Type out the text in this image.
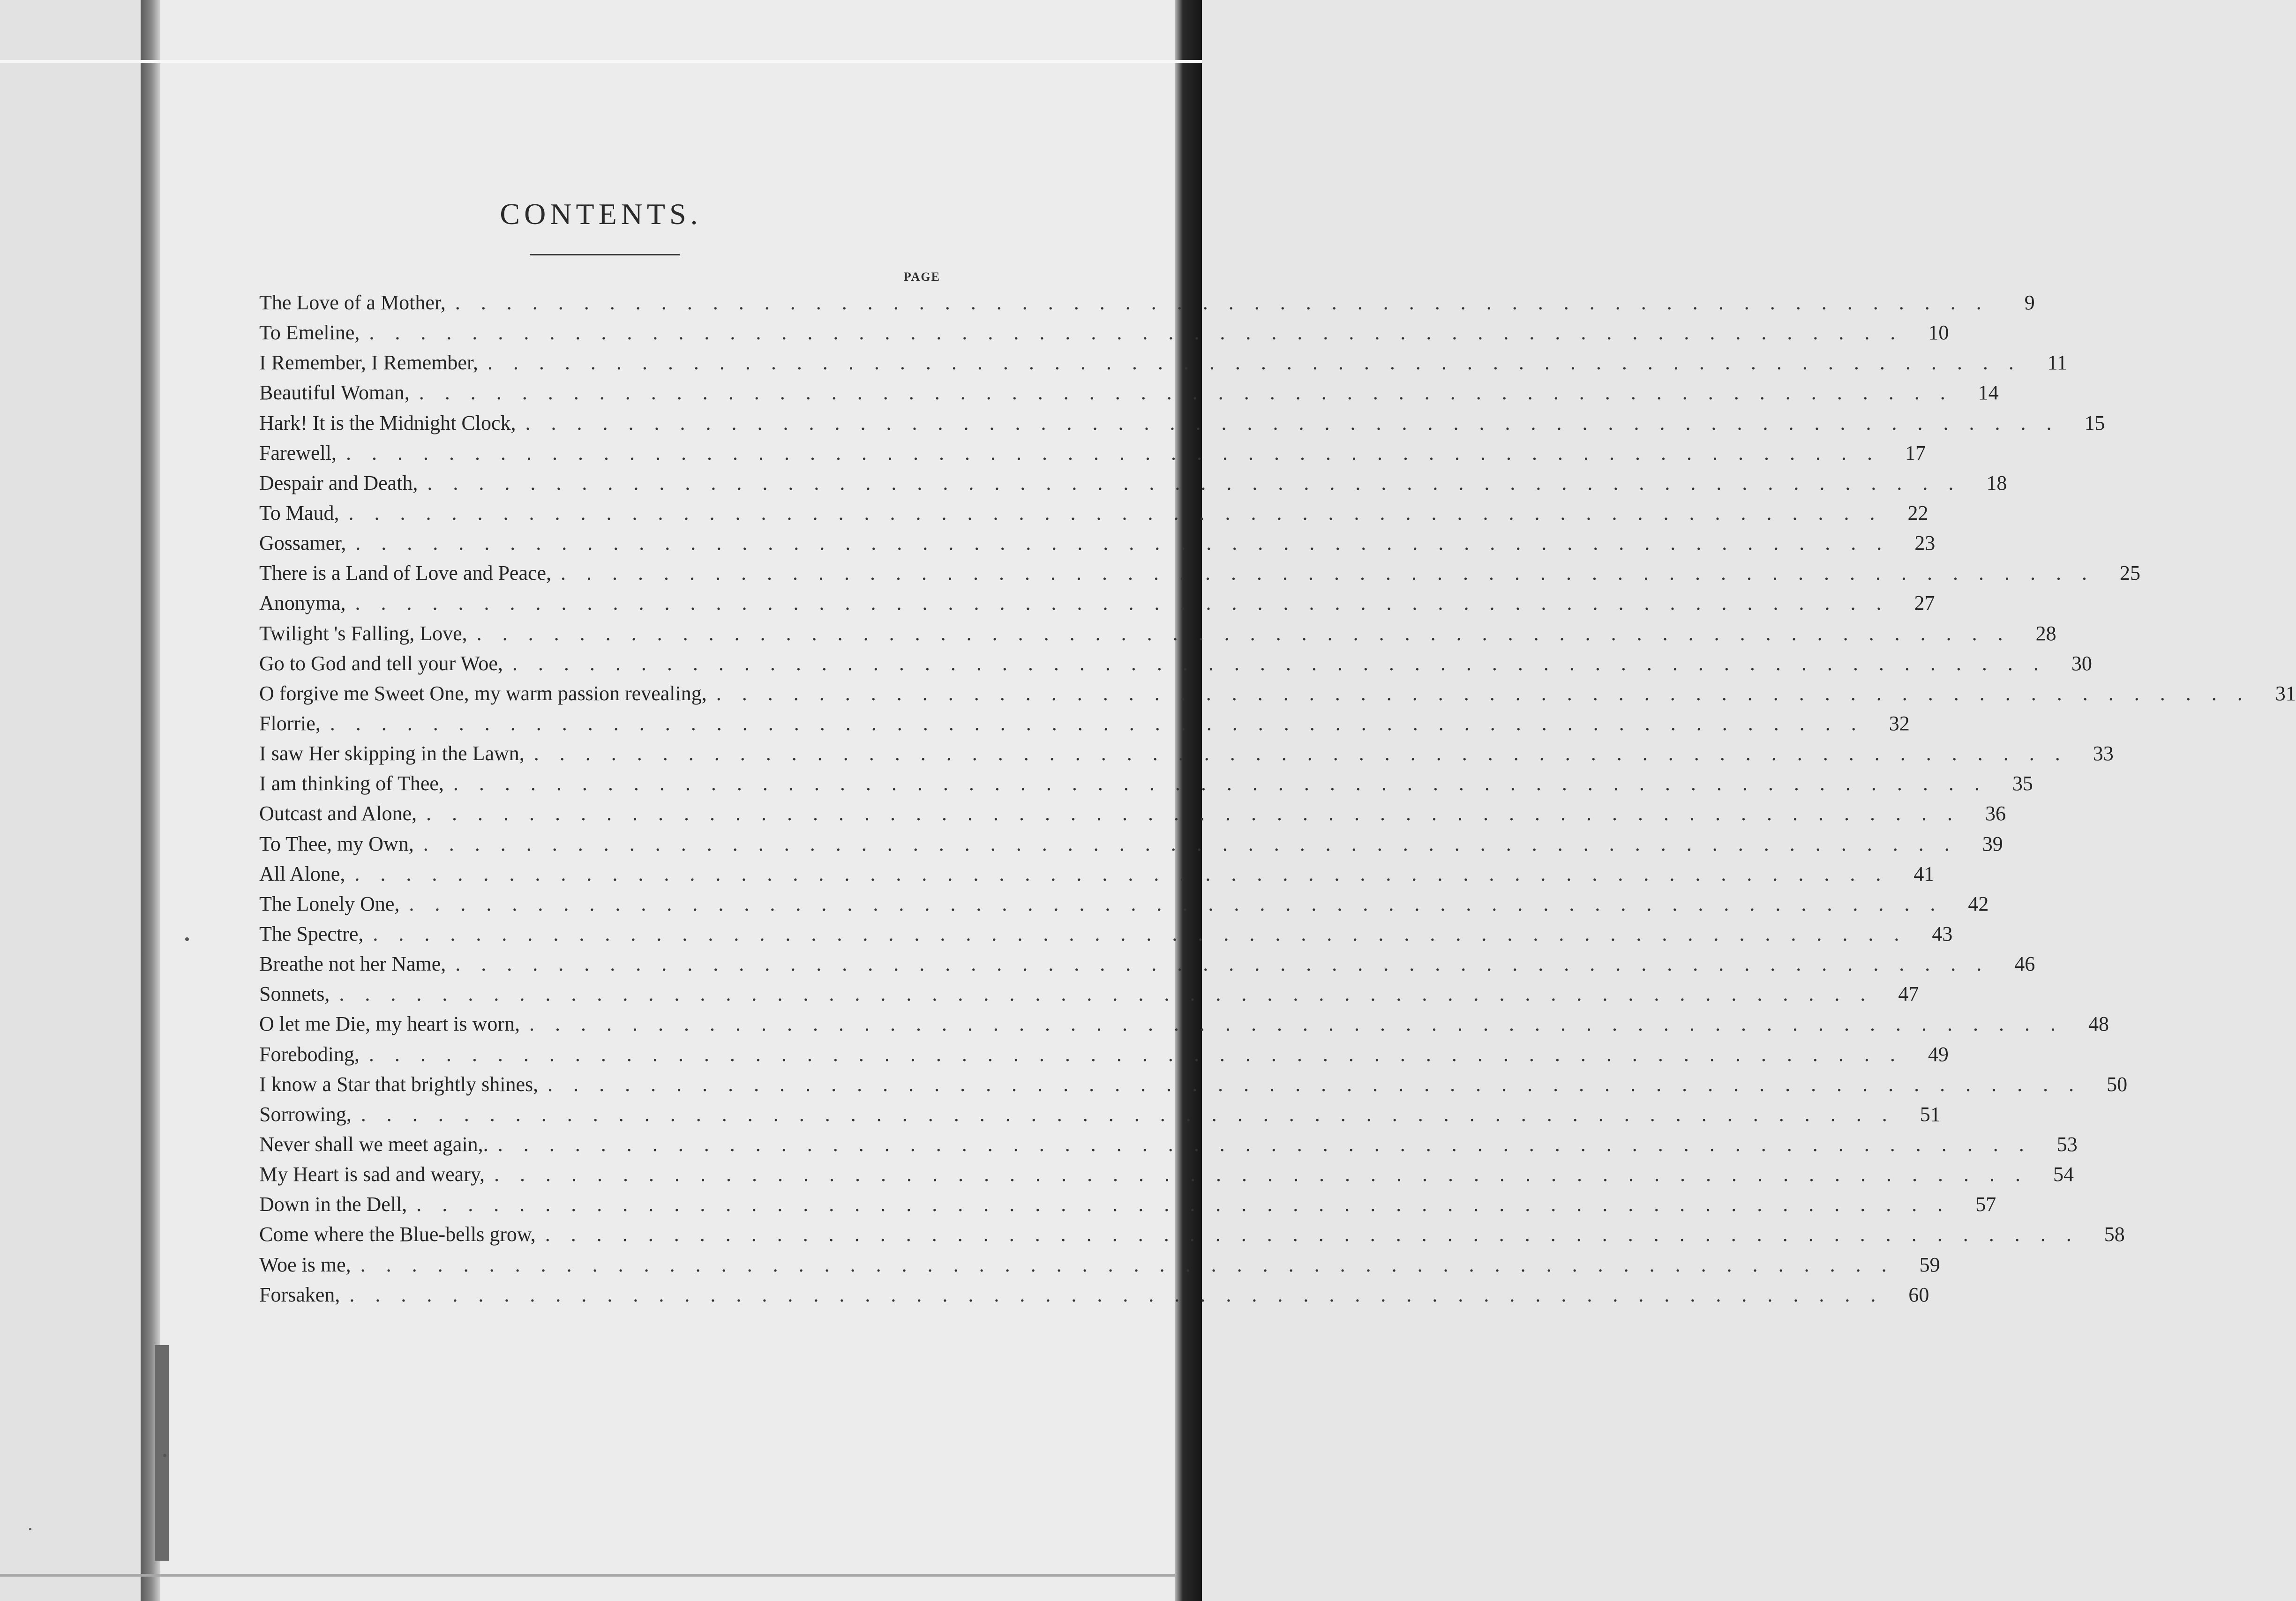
CONTENTS.
PAGE
The Love of a Mother, ............................................................	9
To Emeline, ............................................................ 10
I Remember, I Remember, ............................................................ 11
Beautiful Woman, ............................................................ 14
Hark! It is the Midnight Clock, ............................................................ 15
Farewell, ............................................................ 17
Despair and Death, ............................................................ 18
To Maud, ............................................................ 22
Gossamer, ............................................................ 23
There is a Land of Love and Peace, ............................................................ 25
Anonyma, ............................................................ 27
Twilight 's Falling, Love, ............................................................ 28
Go to God and tell your Woe, ............................................................ 30
O forgive me Sweet One, my warm passion revealing, ............................................................ 31
Florrie, ............................................................ 32
I saw Her skipping in the Lawn, ............................................................ 33
I am thinking of Thee, ............................................................ 35
Outcast and Alone, ............................................................ 36
To Thee, my Own, ............................................................ 39
All Alone, ............................................................ 41
The Lonely One, ............................................................ 42
The Spectre, ............................................................ 43
Breathe not her Name, ............................................................ 46
Sonnets, ............................................................ 47
O let me Die, my heart is worn, ............................................................ 48
Foreboding, ............................................................ 49
I know a Star that brightly shines, ............................................................ 50
Sorrowing, ............................................................ 51
Never shall we meet again,. ............................................................ 53
My Heart is sad and weary, ............................................................ 54
Down in the Dell, ............................................................ 57
Come where the Blue-bells grow, ............................................................ 58
Woe is me, ............................................................ 59
Forsaken, ............................................................ 60
